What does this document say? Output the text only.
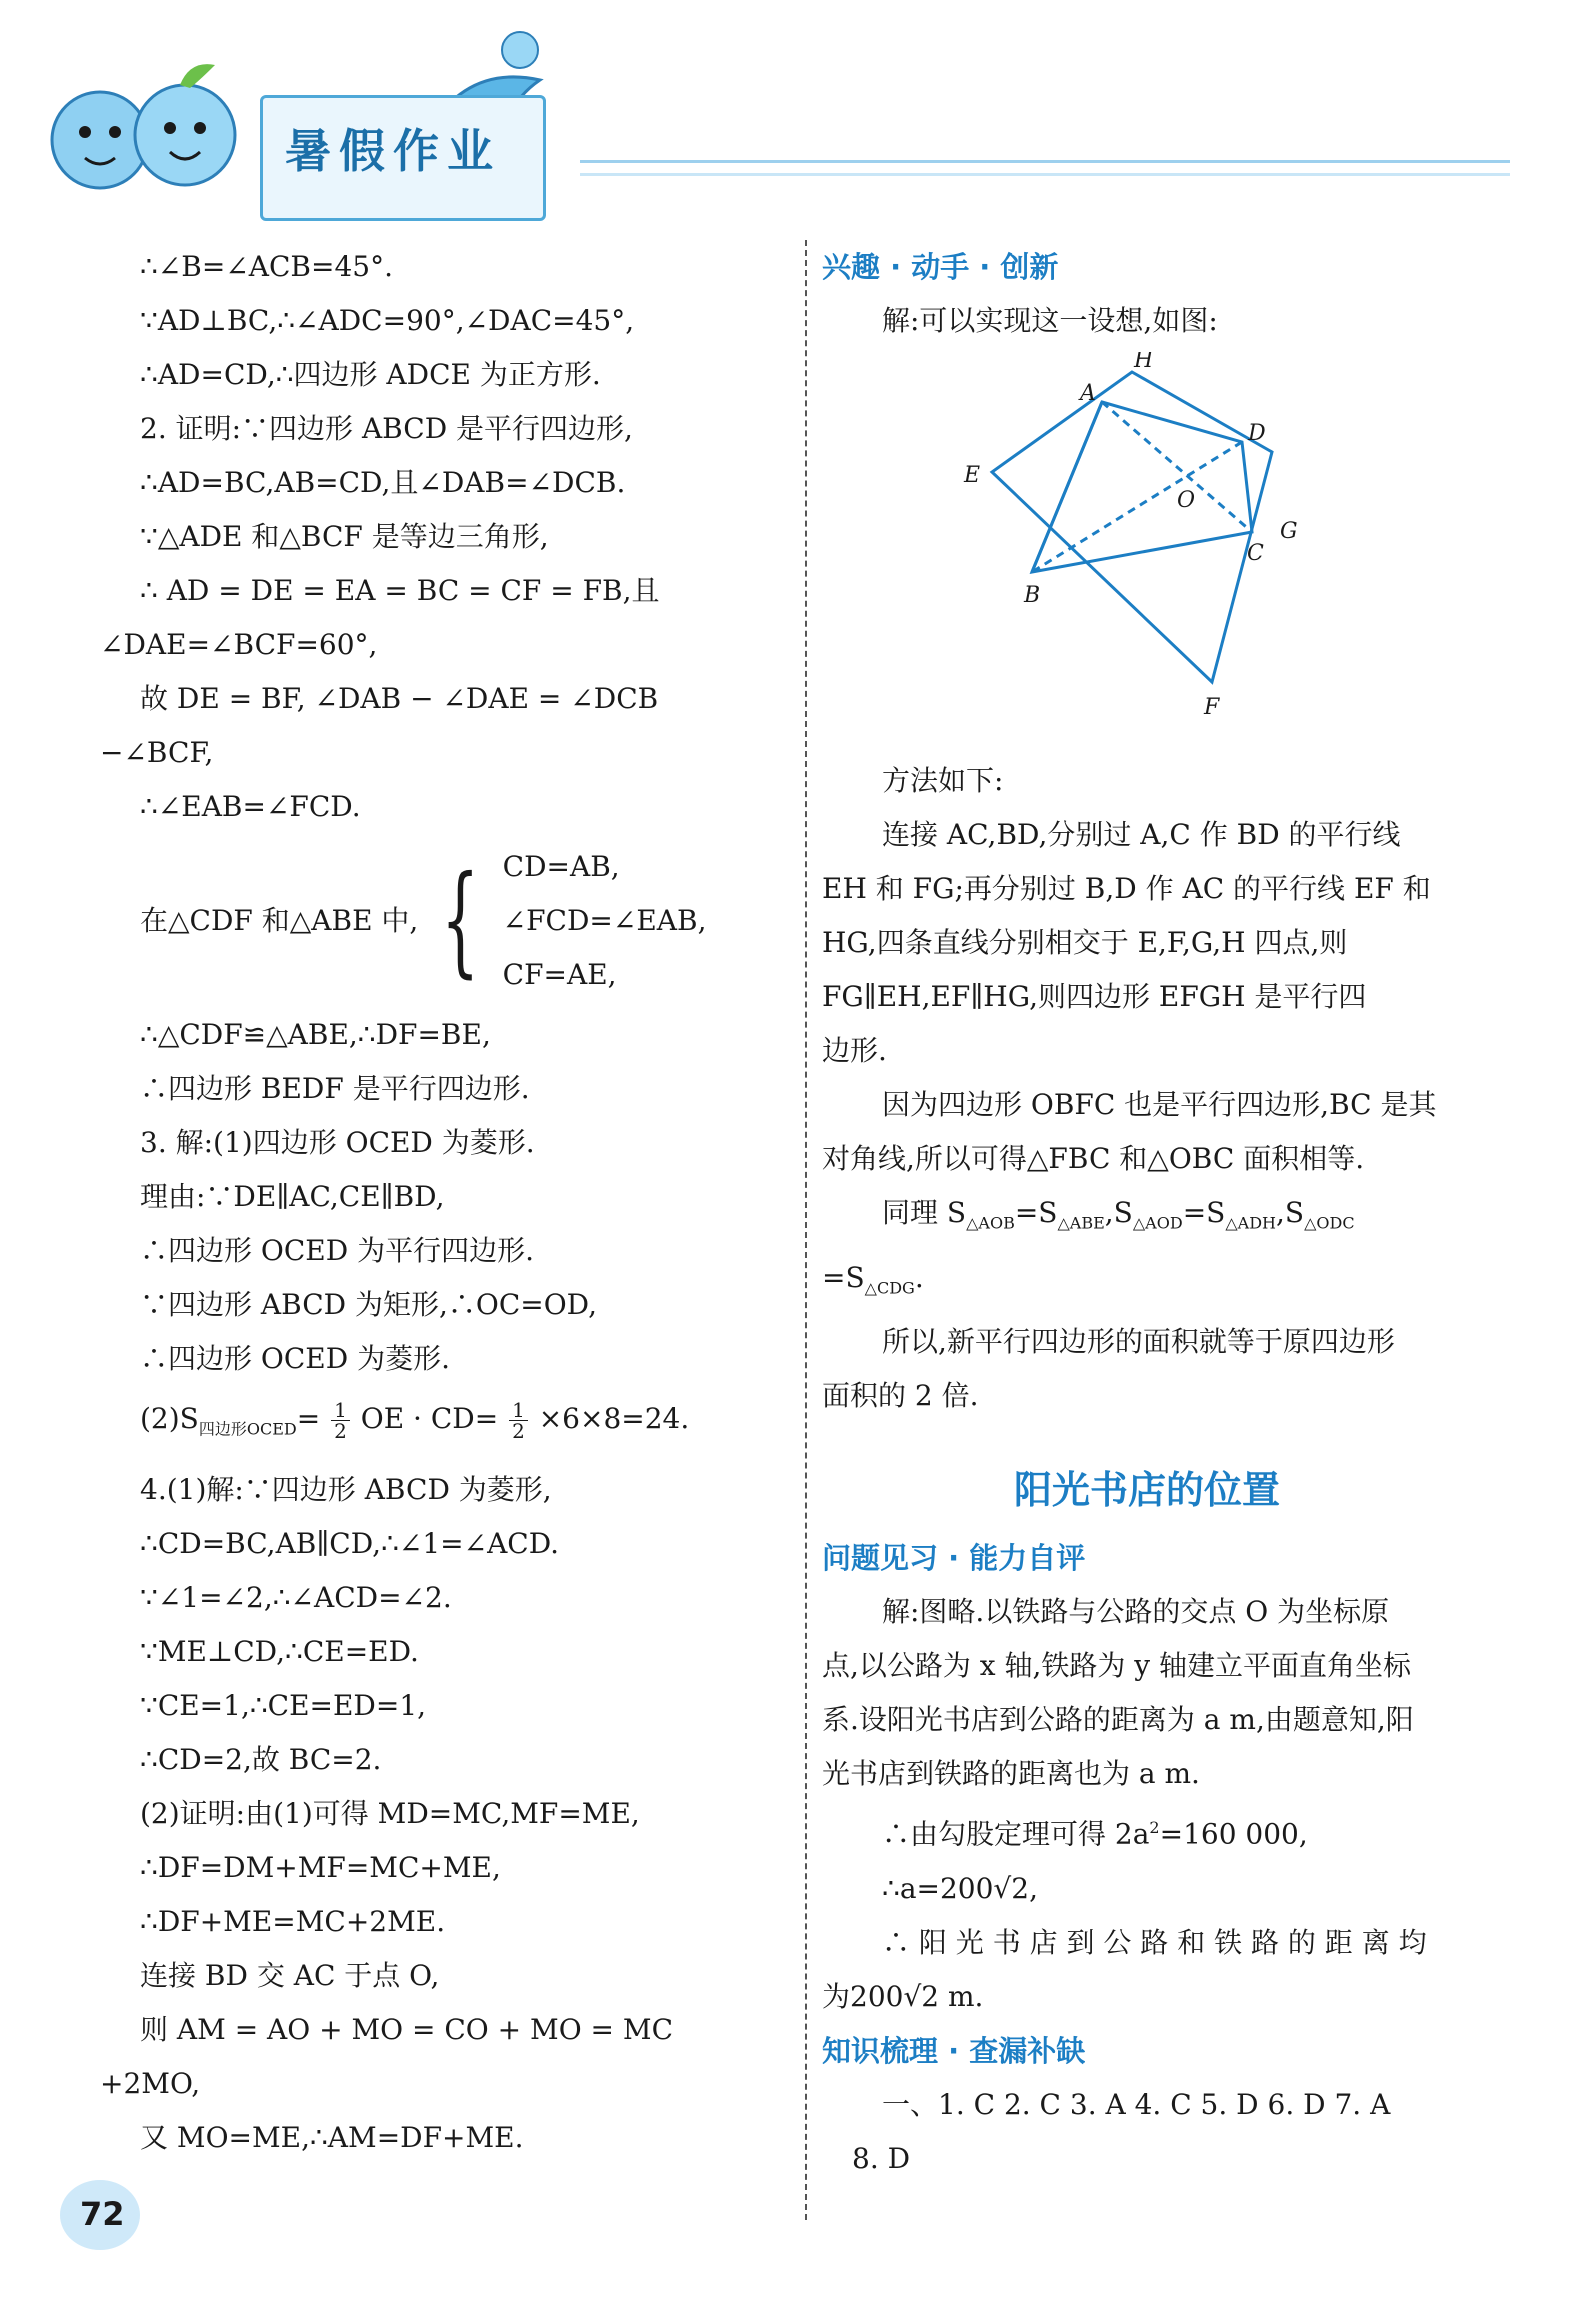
暑假作业
∴∠B=∠ACB=45°.
∵AD⊥BC,∴∠ADC=90°,∠DAC=45°,
∴AD=CD,∴四边形 ADCE 为正方形.
2. 证明:∵四边形 ABCD 是平行四边形,
∴AD=BC,AB=CD,且∠DAB=∠DCB.
∵△ADE 和△BCF 是等边三角形,
∴ AD = DE = EA = BC = CF = FB,且
∠DAE=∠BCF=60°,
故 DE = BF, ∠DAB − ∠DAE = ∠DCB
−∠BCF,
∴∠EAB=∠FCD.
在△CDF 和△ABE 中, { CD=AB,
∠FCD=∠EAB,
CF=AE,
∴△CDF≌△ABE,∴DF=BE,
∴四边形 BEDF 是平行四边形.
3. 解:(1)四边形 OCED 为菱形.
理由:∵DE∥AC,CE∥BD,
∴四边形 OCED 为平行四边形.
∵四边形 ABCD 为矩形,∴OC=OD,
∴四边形 OCED 为菱形.
$(2)S_{四边形OCED}= \frac{1}{2}$ OE · $CD= \frac{1}{2} \times 6\times 8=24$.
4.(1)解:∵四边形 ABCD 为菱形,
∴CD=BC,AB∥CD,∴∠1=∠ACD.
∵∠1=∠2,∴∠ACD=∠2.
∵ME⊥CD,∴CE=ED.
∵CE=1,∴CE=ED=1,
∴CD=2,故 BC=2.
(2)证明:由(1)可得 MD=MC,MF=ME,
∴DF=DM+MF=MC+ME,
∴DF+ME=MC+2ME.
连接 BD 交 AC 于点 O,
则 AM = AO + MO = CO + MO = MC
+2MO,
又 MO=ME,∴AM=DF+ME.
兴趣 · 动手 · 创新
解:可以实现这一设想,如图:
H
A
D
O
E
G
C
B
F
方法如下:
连接 AC,BD,分别过 A,C 作 BD 的平行线
EH 和 FG;再分别过 B,D 作 AC 的平行线 EF 和
HG,四条直线分别相交于 E,F,G,H 四点,则
FG∥EH,EF∥HG,则四边形 EFGH 是平行四
边形.
因为四边形 OBFC 也是平行四边形,BC 是其
对角线,所以可得△FBC 和△OBC 面积相等.
同理 $S_{\triangle AOB}=S_{\triangle ABE},S_{\triangle AOD}=S_{\triangle ADH},S_{\triangle ODC}$
$=S_{\triangle CDG}$.
所以,新平行四边形的面积就等于原四边形
面积的 2 倍.
阳光书店的位置
问题见习 · 能力自评
解:图略.以铁路与公路的交点 O 为坐标原
点,以公路为 x 轴,铁路为 y 轴建立平面直角坐标
系.设阳光书店到公路的距离为 a m,由题意知,阳
光书店到铁路的距离也为 a m.
∴由勾股定理可得 $2a^2=160$ 000,
∴a=200√2,
∴ 阳 光 书 店 到 公 路 和 铁 路 的 距 离 均
为200√2 m.
知识梳理 · 查漏补缺
一、1. C 2. C 3. A 4. C 5. D 6. D 7. A
8. D
72
